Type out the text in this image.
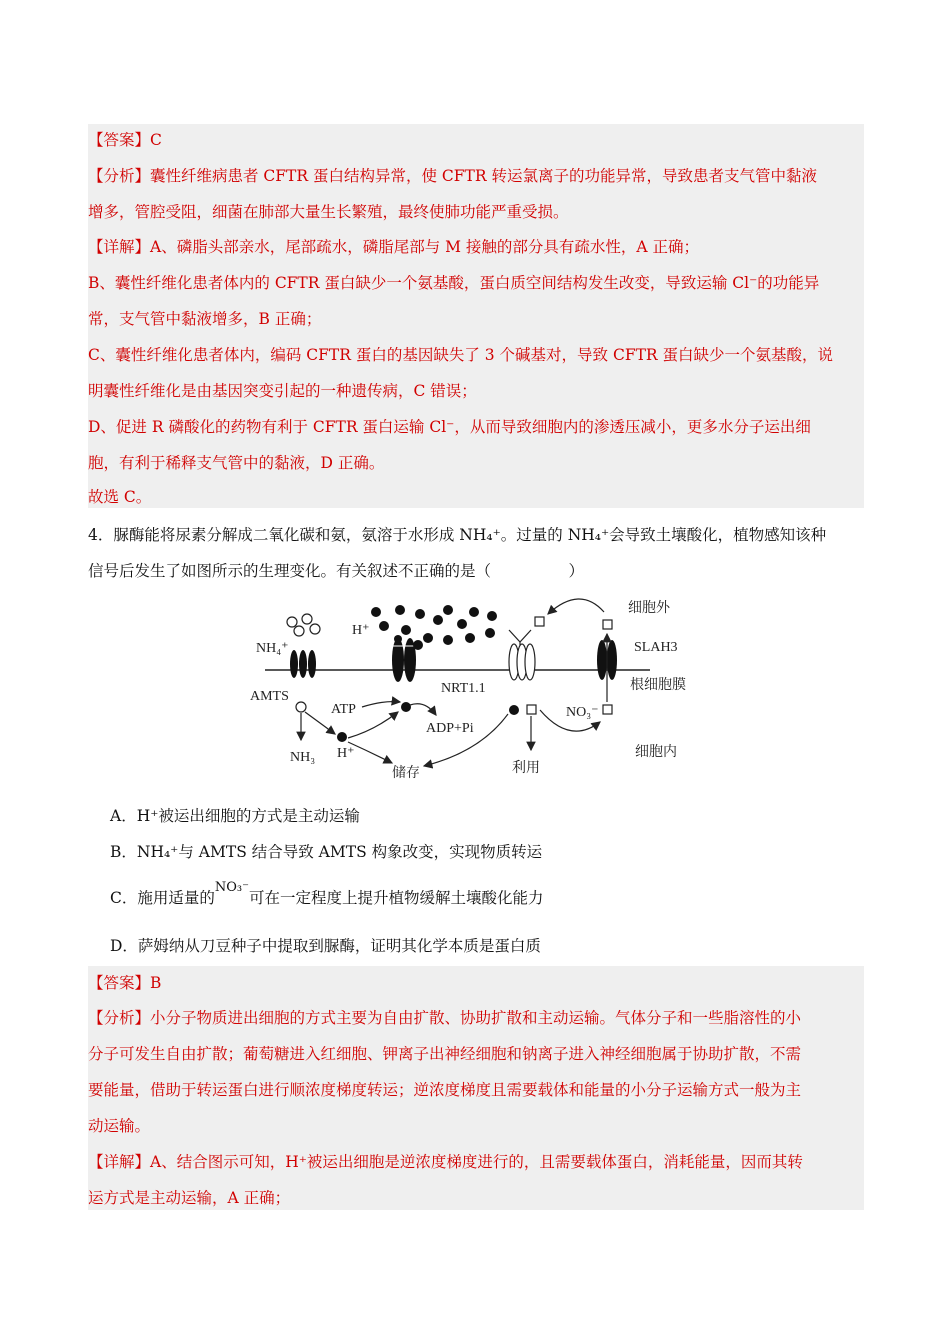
【答案】C
【分析】囊性纤维病患者 CFTR 蛋白结构异常，使 CFTR 转运氯离子的功能异常，导致患者支气管中黏液
增多，管腔受阻，细菌在肺部大量生长繁殖，最终使肺功能严重受损。
【详解】A、磷脂头部亲水，尾部疏水，磷脂尾部与 M 接触的部分具有疏水性，A 正确；
B、囊性纤维化患者体内的 CFTR 蛋白缺少一个氨基酸，蛋白质空间结构发生改变，导致运输 Cl⁻的功能异
常，支气管中黏液增多，B 正确；
C、囊性纤维化患者体内，编码 CFTR 蛋白的基因缺失了 3 个碱基对，导致 CFTR 蛋白缺少一个氨基酸，说
明囊性纤维化是由基因突变引起的一种遗传病，C 错误；
D、促进 R 磷酸化的药物有利于 CFTR 蛋白运输 Cl⁻，从而导致细胞内的渗透压减小，更多水分子运出细
胞，有利于稀释支气管中的黏液，D 正确。
故选 C。
4．脲酶能将尿素分解成二氧化碳和氨，氨溶于水形成 NH₄⁺。过量的 NH₄⁺会导致土壤酸化，植物感知该种
信号后发生了如图所示的生理变化。有关叙述不正确的是（　　　　　）
细胞外
SLAH3
根细胞膜
细胞内
NH₄⁺
AMTS
ATP
ADP+Pi
NRT1.1
NO₃⁻
H⁺
H⁺
NH₃
储存	利用
A．H⁺被运出细胞的方式是主动运输
B．NH₄⁺与 AMTS 结合导致 AMTS 构象改变，实现物质转运
C．施用适量的$^{NO_3^-}$可在一定程度上提升植物缓解土壤酸化能力
D．萨姆纳从刀豆种子中提取到脲酶，证明其化学本质是蛋白质
【答案】B
【分析】小分子物质进出细胞的方式主要为自由扩散、协助扩散和主动运输。气体分子和一些脂溶性的小
分子可发生自由扩散；葡萄糖进入红细胞、钾离子出神经细胞和钠离子进入神经细胞属于协助扩散，不需
要能量，借助于转运蛋白进行顺浓度梯度转运；逆浓度梯度且需要载体和能量的小分子运输方式一般为主
动运输。
【详解】A、结合图示可知，H⁺被运出细胞是逆浓度梯度进行的，且需要载体蛋白，消耗能量，因而其转
运方式是主动运输，A 正确；
